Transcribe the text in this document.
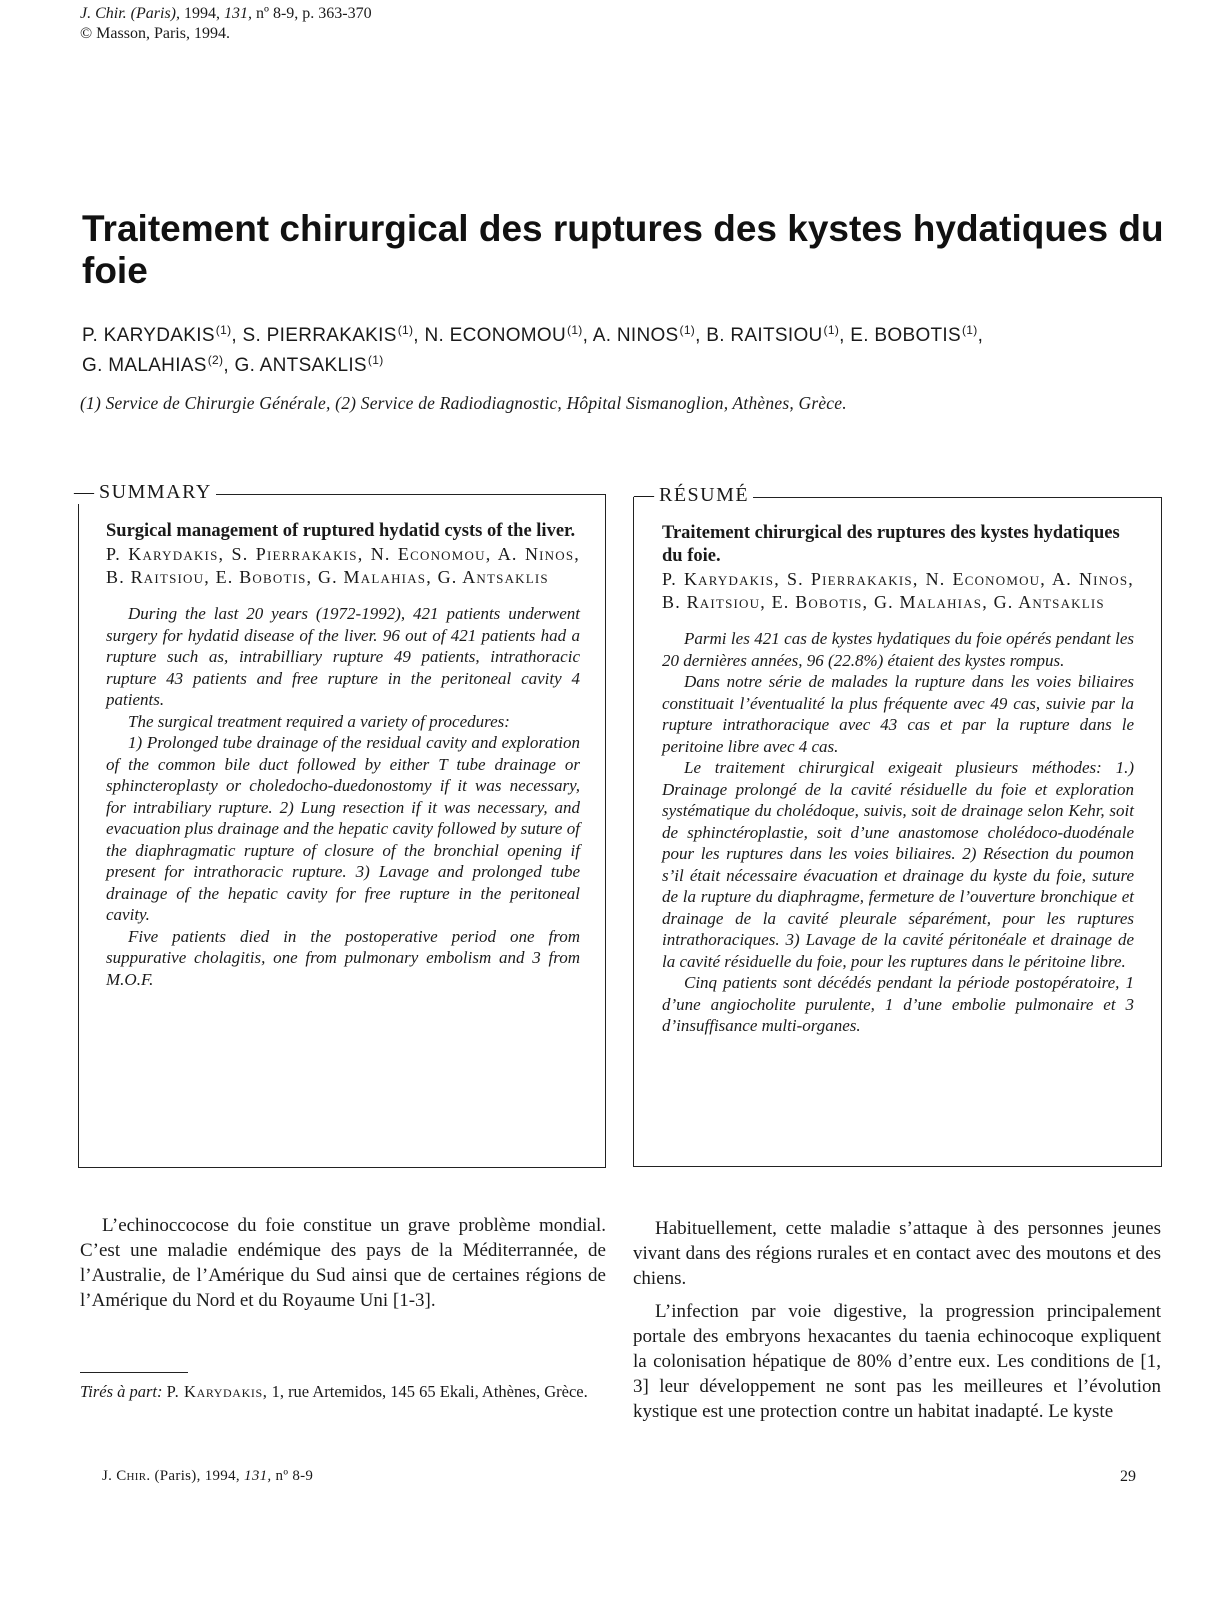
J. Chir. (Paris), 1994, 131, nº 8-9, p. 363-370
© Masson, Paris, 1994.
Traitement chirurgical des ruptures des kystes hydatiques du foie
P. KARYDAKIS$^{(1)}$, S. PIERRAKAKIS$^{(1)}$, N. ECONOMOU$^{(1)}$, A. NINOS$^{(1)}$, B. RAITSIOU$^{(1)}$, E. BOBOTIS$^{(1)}$,
G. MALAHIAS$^{(2)}$, G. ANTSAKLIS$^{(1)}$
(1) Service de Chirurgie Générale, (2) Service de Radiodiagnostic, Hôpital Sismanoglion, Athènes, Grèce.
— SUMMARY

Surgical management of ruptured hydatid cysts of the liver.

P. Karydakis, S. Pierrakakis, N. Economou, A. Ninos, B. Raitsiou, E. Bobotis, G. Malahias, G. Antsaklis

During the last 20 years (1972-1992), 421 patients underwent surgery for hydatid disease of the liver. 96 out of 421 patients had a rupture such as, intrabilliary rupture 49 patients, intrathoracic rupture 43 patients and free rupture in the peritoneal cavity 4 patients.

The surgical treatment required a variety of procedures:

1) Prolonged tube drainage of the residual cavity and exploration of the common bile duct followed by either T tube drainage or sphincteroplasty or choledocho-duedonostomy if it was necessary, for intrabiliary rupture. 2) Lung resection if it was necessary, and evacuation plus drainage and the hepatic cavity followed by suture of the diaphragmatic rupture of closure of the bronchial opening if present for intrathoracic rupture. 3) Lavage and prolonged tube drainage of the hepatic cavity for free rupture in the peritoneal cavity.

Five patients died in the postoperative period one from suppurative cholagitis, one from pulmonary embolism and 3 from M.O.F.

— RÉSUMÉ

Traitement chirurgical des ruptures des kystes hydatiques du foie.

P. Karydakis, S. Pierrakakis, N. Economou, A. Ninos, B. Raitsiou, E. Bobotis, G. Malahias, G. Antsaklis

Parmi les 421 cas de kystes hydatiques du foie opérés pendant les 20 dernières années, 96 (22.8%) étaient des kystes rompus.

Dans notre série de malades la rupture dans les voies biliaires constituait l’éventualité la plus fréquente avec 49 cas, suivie par la rupture intrathoracique avec 43 cas et par la rupture dans le peritoine libre avec 4 cas.

Le traitement chirurgical exigeait plusieurs méthodes: 1.) Drainage prolongé de la cavité résiduelle du foie et exploration systématique du cholédoque, suivis, soit de drainage selon Kehr, soit de sphinctéroplastie, soit d’une anastomose cholédoco-duodénale pour les ruptures dans les voies biliaires. 2) Résection du poumon s’il était nécessaire évacuation et drainage du kyste du foie, suture de la rupture du diaphragme, fermeture de l’ouverture bronchique et drainage de la cavité pleurale séparément, pour les ruptures intrathoraciques. 3) Lavage de la cavité péritonéale et drainage de la cavité résiduelle du foie, pour les ruptures dans le péritoine libre.

Cinq patients sont décédés pendant la période postopératoire, 1 d’une angiocholite purulente, 1 d’une embolie pulmonaire et 3 d’insuffisance multi-organes.

L’echinoccocose du foie constitue un grave problème mondial. C’est une maladie endémique des pays de la Méditerrannée, de l’Australie, de l’Amérique du Sud ainsi que de certaines régions de l’Amérique du Nord et du Royaume Uni [1-3].

Habituellement, cette maladie s’attaque à des personnes jeunes vivant dans des régions rurales et en contact avec des moutons et des chiens.

L’infection par voie digestive, la progression principalement portale des embryons hexacantes du taenia echinocoque expliquent la colonisation hépatique de 80% d’entre eux. Les conditions de [1, 3] leur développement ne sont pas les meilleures et l’évolution kystique est une protection contre un habitat inadapté. Le kyste

Tirés à part: P. Karydakis, 1, rue Artemidos, 145 65 Ekali, Athènes, Grèce.
J. Chir. (Paris), 1994, 131, nº 8-9	29
